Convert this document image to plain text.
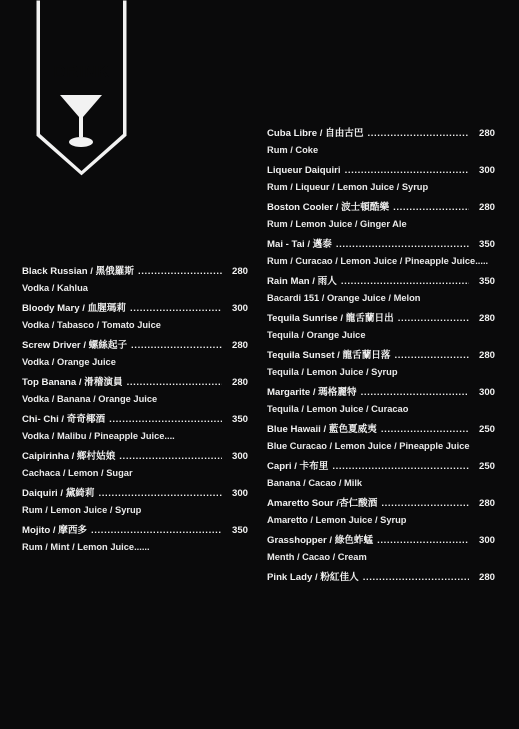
DRINK
Black Russian / 黑俄羅斯 .....	280
Vodka / Kahlua
Bloody Mary / 血腥瑪莉 .....	300
Vodka / Tabasco / Tomato Juice
Screw Driver / 螺絲起子 .....	280
Vodka / Orange Juice
Top Banana / 滑稽演員 .....	280
Vodka / Banana / Orange Juice
Chi- Chi / 奇奇椰酒 .....	350
Vodka / Malibu / Pineapple Juice....
Caipirinha / 鄉村姑娘 .....	300
Cachaca / Lemon / Sugar
Daiquiri / 黛綺莉 .....	300
Rum / Lemon Juice / Syrup
Mojito / 摩西多 .....	350
Rum / Mint / Lemon Juice......
Cuba Libre / 自由古巴 .....	280
Rum / Coke
Liqueur Daiquiri .....	300
Rum / Liqueur / Lemon Juice / Syrup
Boston Cooler / 波士頓酷樂 .....	280
Rum / Lemon Juice / Ginger Ale
Mai - Tai / 邁泰 .....	350
Rum / Curacao / Lemon Juice / Pineapple Juice.....
Rain Man / 雨人 .....	350
Bacardi 151 / Orange Juice / Melon
Tequila Sunrise / 龍舌蘭日出 .....	280
Tequila / Orange Juice
Tequila Sunset / 龍舌蘭日落 .....	280
Tequila / Lemon Juice / Syrup
Margarite / 瑪格麗特 .....	300
Tequila / Lemon Juice / Curacao
Blue Hawaii / 藍色夏威夷 .....	250
Blue Curacao / Lemon Juice / Pineapple Juice
Capri / 卡布里 .....	250
Banana / Cacao / Milk
Amaretto Sour /杏仁酸酒 .....	280
Amaretto / Lemon Juice / Syrup
Grasshopper / 綠色蚱蜢 .....	300
Menth / Cacao / Cream
Pink Lady / 粉紅佳人 .....	280
